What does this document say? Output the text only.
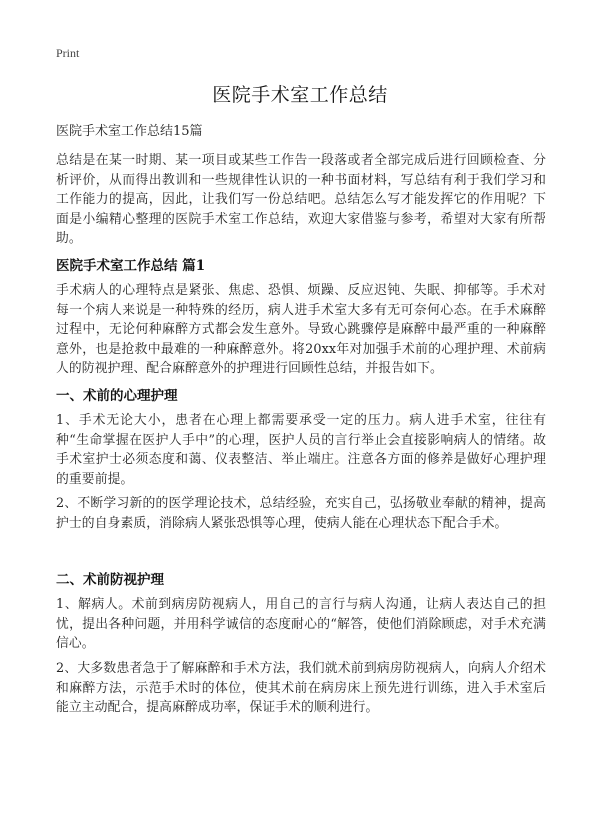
Print
医院手术室工作总结

医院手术室工作总结15篇

总结是在某一时期、某一项目或某些工作告一段落或者全部完成后进行回顾检查、分析评价，从而得出教训和一些规律性认识的一种书面材料，写总结有利于我们学习和工作能力的提高，因此，让我们写一份总结吧。总结怎么写才能发挥它的作用呢？下面是小编精心整理的医院手术室工作总结，欢迎大家借鉴与参考，希望对大家有所帮助。

医院手术室工作总结 篇1

手术病人的心理特点是紧张、焦虑、恐惧、烦躁、反应迟钝、失眠、抑郁等。手术对每一个病人来说是一种特殊的经历，病人进手术室大多有无可奈何心态。在手术麻醉过程中，无论何种麻醉方式都会发生意外。导致心跳骤停是麻醉中最严重的一种麻醉意外，也是抢救中最难的一种麻醉意外。将20xx年对加强手术前的心理护理、术前病人的防视护理、配合麻醉意外的护理进行回顾性总结，并报告如下。

一、术前的心理护理

1、手术无论大小，患者在心理上都需要承受一定的压力。病人进手术室，往往有种“生命掌握在医护人手中”的心理，医护人员的言行举止会直接影响病人的情绪。故手术室护士必须态度和蔼、仪表整洁、举止端庄。注意各方面的修养是做好心理护理的重要前提。

2、不断学习新的的医学理论技术，总结经验，充实自己，弘扬敬业奉献的精神，提高护士的自身素质，消除病人紧张恐惧等心理，使病人能在心理状态下配合手术。

二、术前防视护理

1、解病人。术前到病房防视病人，用自己的言行与病人沟通，让病人表达自己的担忧，提出各种问题，并用科学诚信的态度耐心的“解答，使他们消除顾虑，对手术充满信心。

2、大多数患者急于了解麻醉和手术方法，我们就术前到病房防视病人，向病人介绍术和麻醉方法，示范手术时的体位，使其术前在病房床上预先进行训练，进入手术室后能立主动配合，提高麻醉成功率，保证手术的顺利进行。
